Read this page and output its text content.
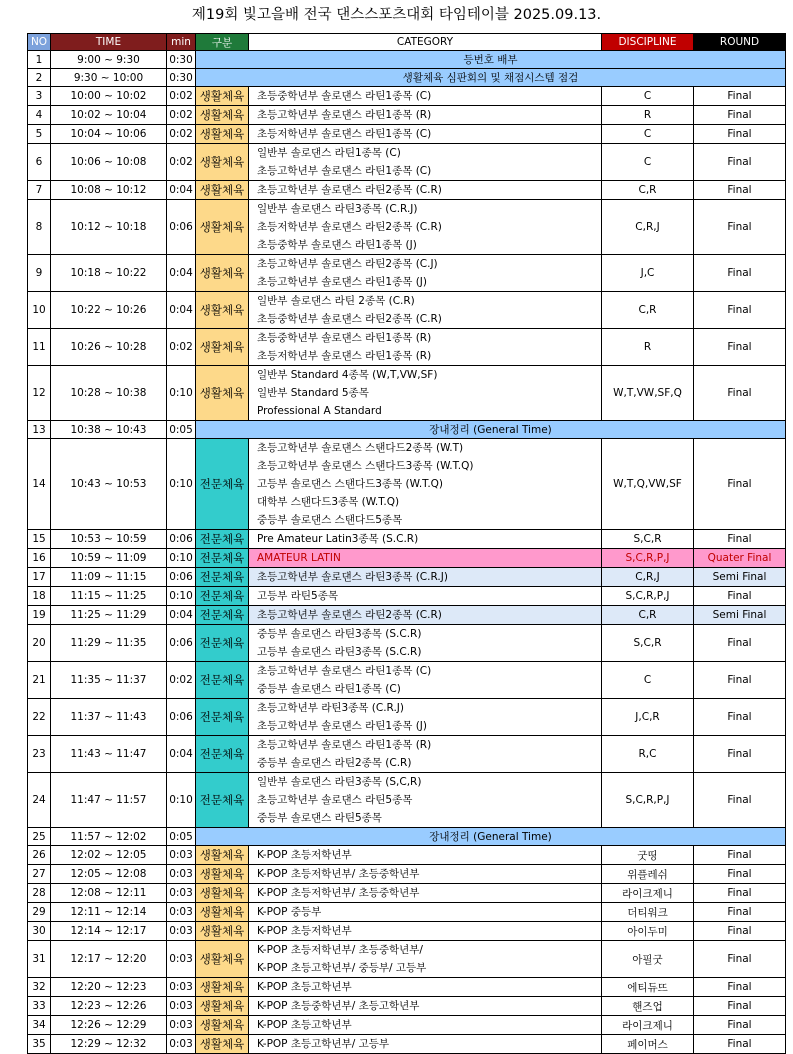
제19회 빛고을배 전국 댄스스포츠대회 타임테이블 2025.09.13.
NO	TIME	min	구분	CATEGORY	DISCIPLINE	ROUND
1	9:00 ~ 9:30	0:30	등번호 배부			
2	9:30 ~ 10:00	0:30	생활체육 심판회의 및 채점시스템 점검			
3	10:00 ~ 10:02	0:02	생활체육	초등중학년부 솔로댄스 라틴1종목 (C)	C	Final
4	10:02 ~ 10:04	0:02	생활체육	초등고학년부 솔로댄스 라틴1종목 (R)	R	Final
5	10:04 ~ 10:06	0:02	생활체육	초등저학년부 솔로댄스 라틴1종목 (C)	C	Final
6	10:06 ~ 10:08	0:02	생활체육	일반부 솔로댄스 라틴1종목 (C)
초등고학년부 솔로댄스 라틴1종목 (C)	C	Final
7	10:08 ~ 10:12	0:04	생활체육	초등고학년부 솔로댄스 라틴2종목 (C.R)	C,R	Final
8	10:12 ~ 10:18	0:06	생활체육	일반부 솔로댄스 라틴3종목 (C.R.J)
초등저학년부 솔로댄스 라틴2종목 (C.R)
초등중학부 솔로댄스 라틴1종목 (J)	C,R,J	Final
9	10:18 ~ 10:22	0:04	생활체육	초등고학년부 솔로댄스 라틴2종목 (C.J)
초등고학년부 솔로댄스 라틴1종목 (J)	J,C	Final
10	10:22 ~ 10:26	0:04	생활체육	일반부 솔로댄스 라틴 2종목 (C.R)
초등중학년부 솔로댄스 라틴2종목 (C.R)	C,R	Final
11	10:26 ~ 10:28	0:02	생활체육	초등중학년부 솔로댄스 라틴1종목 (R)
초등저학년부 솔로댄스 라틴1종목 (R)	R	Final
12	10:28 ~ 10:38	0:10	생활체육	일반부 Standard 4종목 (W,T,VW,SF)
일반부 Standard 5종목
Professional A Standard	W,T,VW,SF,Q	Final
13	10:38 ~ 10:43	0:05	장내정리 (General Time)			
14	10:43 ~ 10:53	0:10	전문체육	초등고학년부 솔로댄스 스탠다드2종목 (W.T)
초등고학년부 솔로댄스 스탠다드3종목 (W.T.Q)
고등부 솔로댄스 스탠다드3종목 (W.T.Q)
대학부 스탠다드3종목 (W.T.Q)
중등부 솔로댄스 스탠다드5종목	W,T,Q,VW,SF	Final
15	10:53 ~ 10:59	0:06	전문체육	Pre Amateur Latin3종목 (S.C.R)	S,C,R	Final
16	10:59 ~ 11:09	0:10	전문체육	AMATEUR LATIN	S,C,R,P,J	Quater Final
17	11:09 ~ 11:15	0:06	전문체육	초등고학년부 솔로댄스 라틴3종목 (C.R.J)	C,R,J	Semi Final
18	11:15 ~ 11:25	0:10	전문체육	고등부 라틴5종목	S,C,R,P,J	Final
19	11:25 ~ 11:29	0:04	전문체육	초등고학년부 솔로댄스 라틴2종목 (C.R)	C,R	Semi Final
20	11:29 ~ 11:35	0:06	전문체육	중등부 솔로댄스 라틴3종목 (S.C.R)
고등부 솔로댄스 라틴3종목 (S.C.R)	S,C,R	Final
21	11:35 ~ 11:37	0:02	전문체육	초등고학년부 솔로댄스 라틴1종목 (C)
중등부 솔로댄스 라틴1종목 (C)	C	Final
22	11:37 ~ 11:43	0:06	전문체육	초등고학년부 라틴3종목 (C.R.J)
초등고학년부 솔로댄스 라틴1종목 (J)	J,C,R	Final
23	11:43 ~ 11:47	0:04	전문체육	초등고학년부 솔로댄스 라틴1종목 (R)
중등부 솔로댄스 라틴2종목 (C.R)	R,C	Final
24	11:47 ~ 11:57	0:10	전문체육	일반부 솔로댄스 라틴3종목 (S,C,R)
초등고학년부 솔로댄스 라틴5종목
중등부 솔로댄스 라틴5종목	S,C,R,P,J	Final
25	11:57 ~ 12:02	0:05	장내정리 (General Time)			
26	12:02 ~ 12:05	0:03	생활체육	K-POP 초등저학년부	굿띵	Final
27	12:05 ~ 12:08	0:03	생활체육	K-POP 초등저학년부/ 초등중학년부	위플레쉬	Final
28	12:08 ~ 12:11	0:03	생활체육	K-POP 초등저학년부/ 초등중학년부	라이크제니	Final
29	12:11 ~ 12:14	0:03	생활체육	K-POP 중등부	더티워크	Final
30	12:14 ~ 12:17	0:03	생활체육	K-POP 초등저학년부	아이두미	Final
31	12:17 ~ 12:20	0:03	생활체육	K-POP 초등저학년부/ 초등중학년부/
K-POP 초등고학년부/ 중등부/ 고등부	아필굿	Final
32	12:20 ~ 12:23	0:03	생활체육	K-POP 초등고학년부	에티듀뜨	Final
33	12:23 ~ 12:26	0:03	생활체육	K-POP 초등중학년부/ 초등고학년부	핸즈업	Final
34	12:26 ~ 12:29	0:03	생활체육	K-POP 초등고학년부	라이크제니	Final
35	12:29 ~ 12:32	0:03	생활체육	K-POP 초등고학년부/ 고등부	페이머스	Final
